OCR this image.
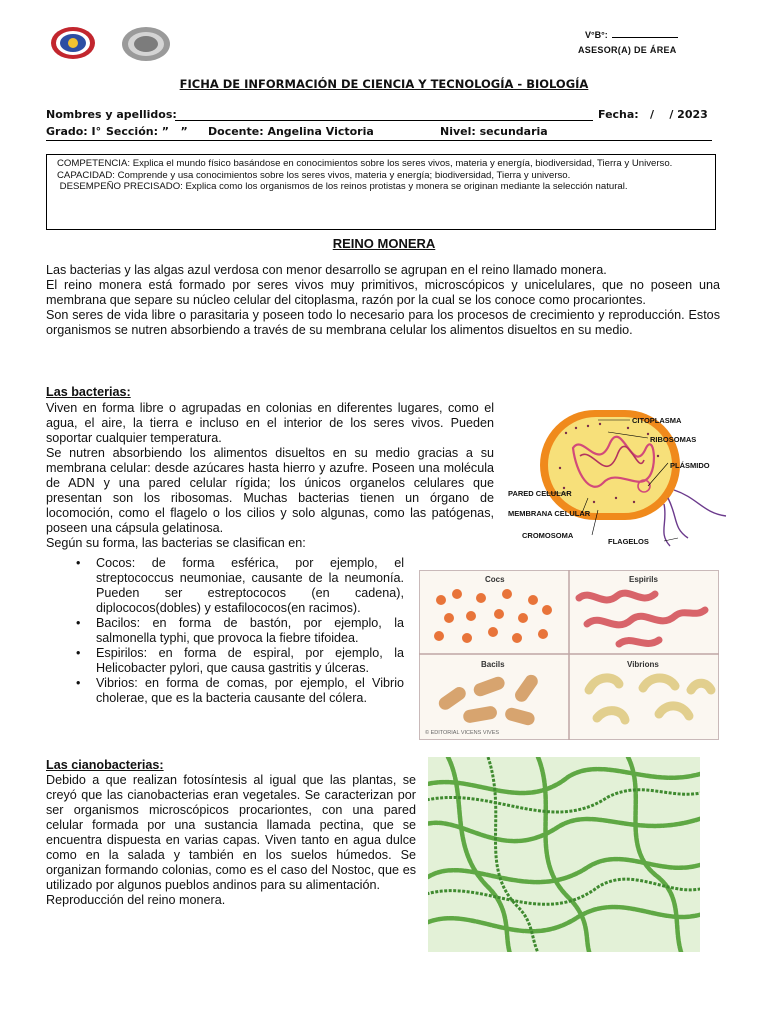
V°B°:
ASESOR(A) DE ÁREA
FICHA DE INFORMACIÓN DE CIENCIA Y TECNOLOGÍA - BIOLOGÍA
Nombres y apellidos:	Fecha: /    / 2023
Grado: I° Sección: ”   ” Docente: Angelina Victoria	Nivel: secundaria

COMPETENCIA: Explica el mundo físico basándose en conocimientos sobre los seres vivos, materia y energía, biodiversidad, Tierra y Universo.

CAPACIDAD: Comprende y usa conocimientos sobre los seres vivos, materia y energía; biodiversidad, Tierra y universo.

DESEMPEÑO PRECISADO: Explica como los organismos de los reinos protistas y monera se originan mediante la selección natural.

REINO MONERA

Las bacterias y las algas azul verdosa con menor desarrollo se agrupan en el reino llamado monera.

El reino monera está formado por seres vivos muy primitivos, microscópicos y unicelulares, que no poseen una membrana que separe su núcleo celular del citoplasma, razón por la cual se los conoce como procariontes.

Son seres de vida libre o parasitaria y poseen todo lo necesario para los procesos de crecimiento y reproducción. Estos organismos se nutren absorbiendo a través de su membrana celular los alimentos disueltos en su medio.

Las bacterias:

Viven en forma libre o agrupadas en colonias en diferentes lugares, como el agua, el aire, la tierra e incluso en el interior de los seres vivos. Pueden soportar cualquier temperatura.

Se nutren absorbiendo los alimentos disueltos en su medio gracias a su membrana celular: desde azúcares hasta hierro y azufre. Poseen una molécula de ADN y una pared celular rígida; los únicos organelos celulares que presentan son los ribosomas. Muchas bacterias tienen un órgano de locomoción, como el flagelo o los cilios y solo algunas, como las patógenas, poseen una cápsula gelatinosa.

Según su forma, las bacterias se clasifican en:

• Cocos: de forma esférica, por ejemplo, el streptococcus neumoniae, causante de la neumonía. Pueden ser estreptococos (en cadena), diplococos(dobles) y estafilococos(en racimos).
• Bacilos: en forma de bastón, por ejemplo, la salmonella typhi, que provoca la fiebre tifoidea.
• Espirilos: en forma de espiral, por ejemplo, la Helicobacter pylori, que causa gastritis y úlceras.
• Vibrios: en forma de comas, por ejemplo, el Vibrio cholerae, que es la bacteria causante del cólera.
CITOPLASMA
RIBOSOMAS
PLÁSMIDO
PARED CELULAR
MEMBRANA CELULAR
CROMOSOMA
FLAGELOS
Cocs	Espirils
Bacils	Vibrions
© EDITORIAL VICENS VIVES
Las cianobacterias:

Debido a que realizan fotosíntesis al igual que las plantas, se creyó que las cianobacterias eran vegetales. Se caracterizan por ser organismos microscópicos procariontes, con una pared celular formada por una sustancia llamada pectina, que se encuentra dispuesta en varias capas. Viven tanto en agua dulce como en la salada y también en los suelos húmedos. Se organizan formando colonias, como es el caso del Nostoc, que es utilizado por algunos pueblos andinos para su alimentación.

Reproducción del reino monera.
